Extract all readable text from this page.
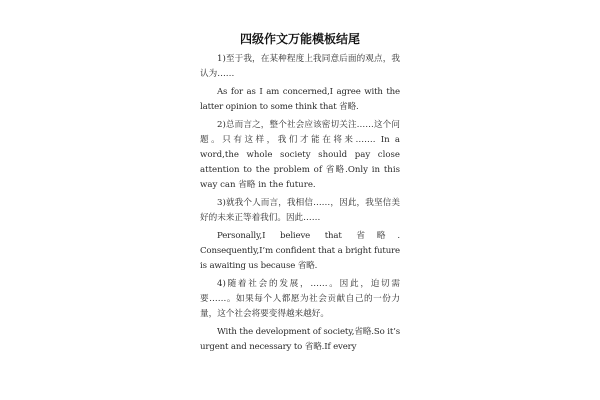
四级作文万能模板结尾

1)至于我，在某种程度上我同意后面的观点，我认为……

As for as I am concerned,I agree with the latter opinion to some think that 省略.

2)总而言之，整个社会应该密切关注……这个问题。只有这样，我们才能在将来……. In a word,the whole society should pay close attention to the problem of 省略.Only in this way can 省略 in the future.

3)就我个人而言，我相信……，因此，我坚信美好的未来正等着我们。因此……

Personally,I believe that 省略. Consequently,I’m confident that a bright future is awaiting us because 省略.

4)随着社会的发展，……。因此，迫切需要……。如果每个人都愿为社会贡献自己的一份力量，这个社会将要变得越来越好。

With the development of society,省略.So it’s urgent and necessary to 省略.If every
